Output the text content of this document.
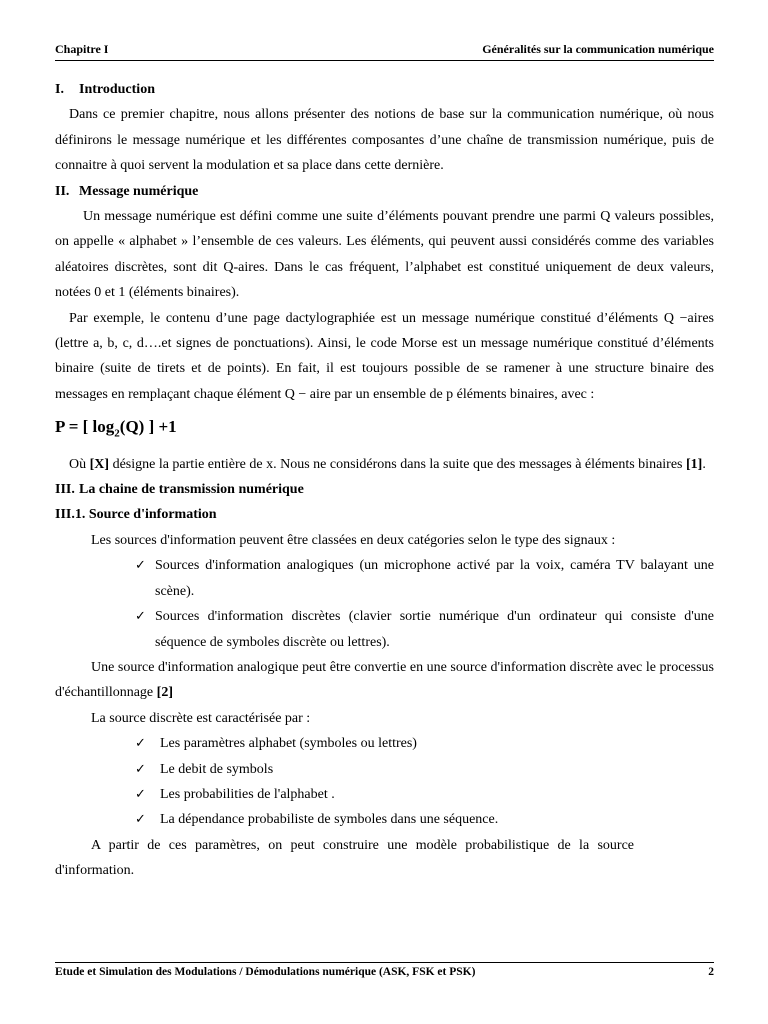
Chapitre I	Généralités sur la communication numérique

I. Introduction

Dans ce premier chapitre, nous allons présenter des notions de base sur la communication numérique, où nous définirons le message numérique et les différentes composantes d’une chaîne de transmission numérique, puis de connaitre à quoi servent la modulation et sa place dans cette dernière.

II. Message numérique

Un message numérique est défini comme une suite d’éléments pouvant prendre une parmi Q valeurs possibles, on appelle « alphabet » l’ensemble de ces valeurs. Les éléments, qui peuvent aussi considérés comme des variables aléatoires discrètes, sont dit Q-aires. Dans le cas fréquent, l’alphabet est constitué uniquement de deux valeurs, notées 0 et 1 (éléments binaires).

Par exemple, le contenu d’une page dactylographiée est un message numérique constitué d’éléments Q −aires (lettre a, b, c, d….et signes de ponctuations). Ainsi, le code Morse est un message numérique constitué d’éléments binaire (suite de tirets et de points). En fait, il est toujours possible de se ramener à une structure binaire des messages en remplaçant chaque élément Q − aire par un ensemble de p éléments binaires, avec :

P = [ $\log_2(Q)$ ] +1

Où [X] désigne la partie entière de x. Nous ne considérons dans la suite que des messages à éléments binaires [1].

III. La chaine de transmission numérique

III.1. Source d'information

Les sources d'information peuvent être classées en deux catégories selon le type des signaux :

✓ Sources d'information analogiques (un microphone activé par la voix, caméra TV balayant une scène).

✓ Sources d'information discrètes (clavier sortie numérique d'un ordinateur qui consiste d'une séquence de symboles discrète ou lettres).

Une source d'information analogique peut être convertie en une source d'information discrète avec le processus d'échantillonnage [2]

La source discrète est caractérisée par :

✓ Les paramètres alphabet (symboles ou lettres)

✓ Le debit de symbols

✓ Les probabilities de l'alphabet .

✓ La dépendance probabiliste de symboles dans une séquence.

A partir de ces paramètres, on peut construire une modèle probabilistique de la source d'information.

Etude et Simulation des Modulations / Démodulations numérique (ASK, FSK et PSK)	2
